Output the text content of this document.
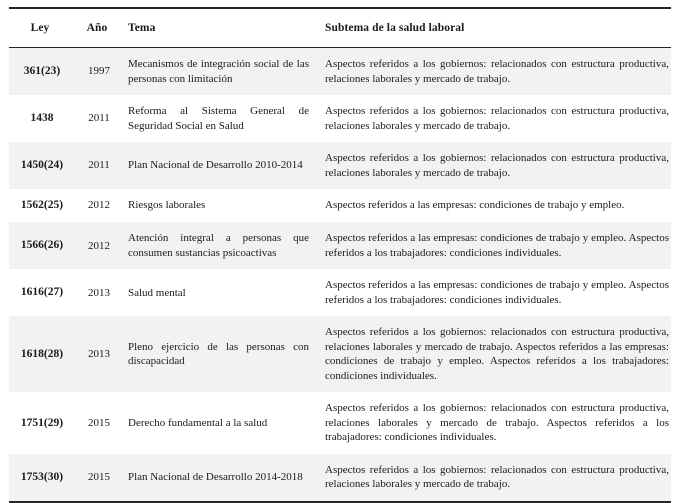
Ley	Año	Tema	Subtema de la salud laboral
361(23)	1997	Mecanismos de integración social de las personas con limitación	Aspectos referidos a los gobiernos: relacionados con estructura productiva, relaciones laborales y mercado de trabajo.
1438	2011	Reforma al Sistema General de Seguridad Social en Salud	Aspectos referidos a los gobiernos: relacionados con estructura productiva, relaciones laborales y mercado de trabajo.
1450(24)	2011	Plan Nacional de Desarrollo 2010-2014	Aspectos referidos a los gobiernos: relacionados con estructura productiva, relaciones laborales y mercado de trabajo.
1562(25)	2012	Riesgos laborales	Aspectos referidos a las empresas: condiciones de trabajo y empleo.
1566(26)	2012	Atención integral a personas que consumen sustancias psicoactivas	Aspectos referidos a las empresas: condiciones de trabajo y empleo. Aspectos referidos a los trabajadores: condiciones individuales.
1616(27)	2013	Salud mental	Aspectos referidos a las empresas: condiciones de trabajo y empleo. Aspectos referidos a los trabajadores: condiciones individuales.
1618(28)	2013	Pleno ejercicio de las personas con discapacidad	Aspectos referidos a los gobiernos: relacionados con estructura productiva, relaciones laborales y mercado de trabajo. Aspectos referidos a las empresas: condiciones de trabajo y empleo. Aspectos referidos a los trabajadores: condiciones individuales.
1751(29)	2015	Derecho fundamental a la salud	Aspectos referidos a los gobiernos: relacionados con estructura productiva, relaciones laborales y mercado de trabajo. Aspectos referidos a los trabajadores: condiciones individuales.
1753(30)	2015	Plan Nacional de Desarrollo 2014-2018	Aspectos referidos a los gobiernos: relacionados con estructura productiva, relaciones laborales y mercado de trabajo.
